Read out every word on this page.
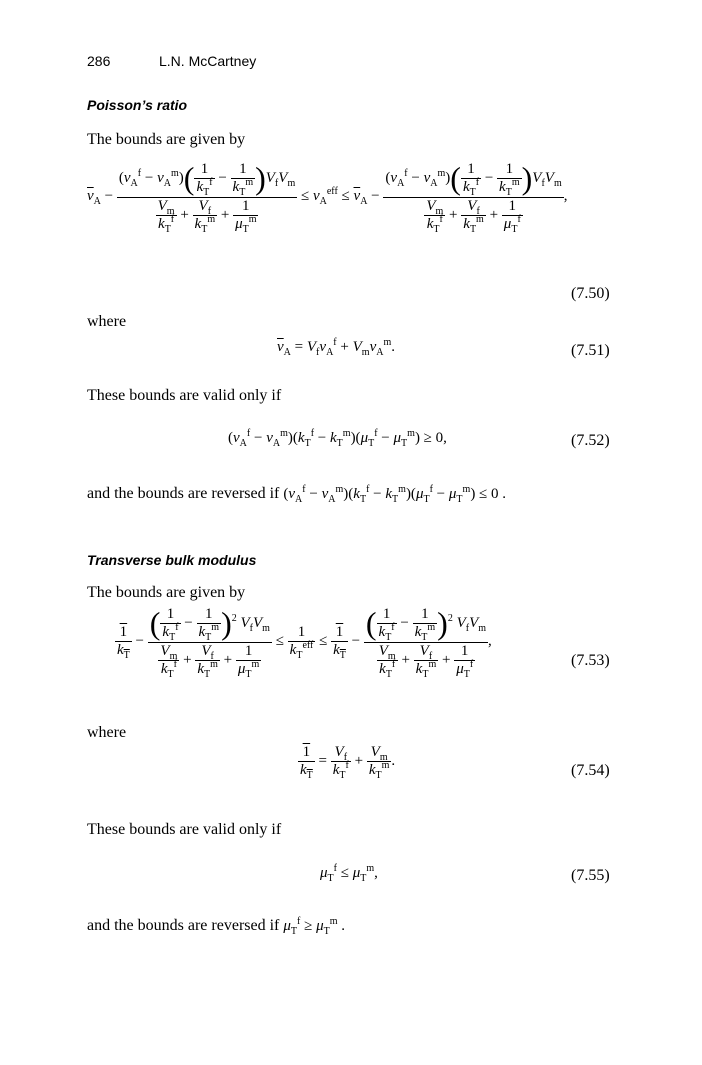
286	L.N. McCartney
Poisson’s ratio
The bounds are given by
$\overline{\nu}_A - \frac{(\nu_A^f - \nu_A^m)( \frac{1}{k_T^f} - \frac{1}{k_T^m} )V_fV_m}{\frac{V_m}{k_T^f} + \frac{V_f}{k_T^m} + \frac{1}{\mu_T^m}} \le \nu_A^{eff} \le \overline{\nu}_A - \frac{(\nu_A^f - \nu_A^m)( \frac{1}{k_T^f} - \frac{1}{k_T^m} )V_fV_m}{\frac{V_m}{k_T^f} + \frac{V_f}{k_T^m} + \frac{1}{\mu_T^f}}$ ,
(7.50)
where
$\overline{\nu}_A = V_f\nu_A^f + V_m\nu_A^m$.	(7.51)
These bounds are valid only if
$(\nu_A^f - \nu_A^m)(k_T^f - k_T^m)(\mu_T^f - \mu_T^m) \ge 0$,	(7.52)
and the bounds are reversed if $(\nu_A^f - \nu_A^m)(k_T^f - k_T^m)(\mu_T^f - \mu_T^m) \le 0$ .
Transverse bulk modulus
The bounds are given by
$\frac{1}{k_T} - \frac{( \frac{1}{k_T^f} - \frac{1}{k_T^m} )^2 V_fV_m}{\frac{V_m}{k_T^f} + \frac{V_f}{k_T^m} + \frac{1}{\mu_T^m}} \le \frac{1}{k_T^{eff}} \le \frac{1}{k_T} - \frac{( \frac{1}{k_T^f} - \frac{1}{k_T^m} )^2 V_fV_m}{\frac{V_m}{k_T^f} + \frac{V_f}{k_T^m} + \frac{1}{\mu_T^f}}$ ,
(7.53)
where
$\frac{1}{k_T} = \frac{V_f}{k_T^f} + \frac{V_m}{k_T^m}$ .
(7.54)
These bounds are valid only if
$\mu_T^f \le \mu_T^m$,	(7.55)
and the bounds are reversed if $\mu_T^f \ge \mu_T^m$ .
